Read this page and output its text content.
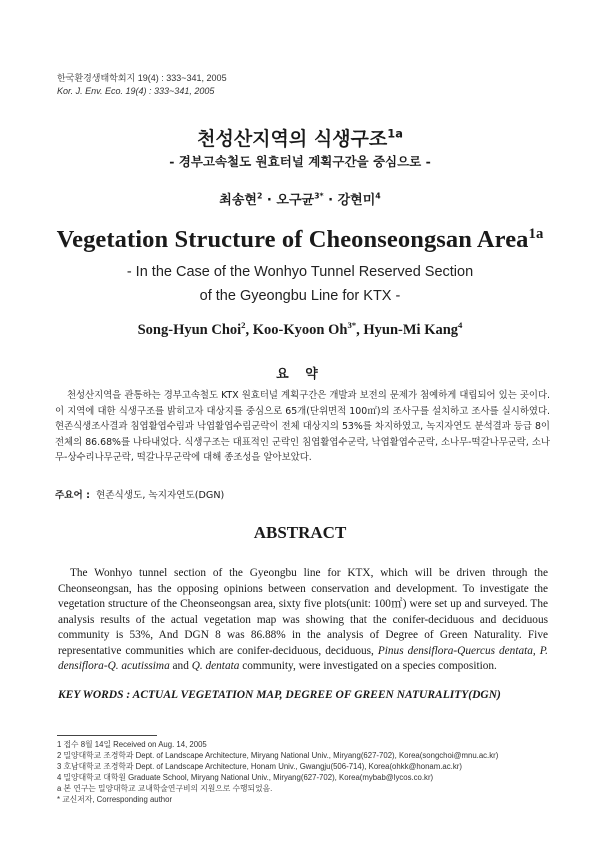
한국환경생태학회지 19(4) : 333~341, 2005
Kor. J. Env. Eco. 19(4) : 333~341, 2005
천성산지역의 식생구조$^{1a}$
- 경부고속철도 원효터널 계획구간을 중심으로 -
최송현$^2$ · 오구균$^{3*}$ · 강현미$^4$
Vegetation Structure of Cheonseongsan Area$^{1a}$
- In the Case of the Wonhyo Tunnel Reserved Section
of the Gyeongbu Line for KTX -
Song-Hyun Choi$^2$, Koo-Kyoon $Oh^{3*}$, Hyun-Mi Kang$^4$
요 약
천성산지역을 관통하는 경부고속철도 KTX 원효터널 계획구간은 개발과 보전의 문제가 첨예하게 대립되어 있는 곳이다. 이 지역에 대한 식생구조를 밝히고자 대상지를 중심으로 65개(단위면적 100㎡)의 조사구를 설치하고 조사를 실시하였다. 현존식생조사결과 침엽활엽수림과 낙엽활엽수림군락이 전체 대상지의 53%를 차지하였고, 녹지자연도 분석결과 등급 8이 전체의 86.68%를 나타내었다. 식생구조는 대표적인 군락인 침엽활엽수군락, 낙엽활엽수군락, 소나무-떡갈나무군락, 소나무-상수리나무군락, 떡갈나무군락에 대해 종조성을 알아보았다.
주요어 : 현존식생도, 녹지자연도(DGN)
ABSTRACT
The Wonhyo tunnel section of the Gyeongbu line for KTX, which will be driven through the Cheonseongsan, has the opposing opinions between conservation and development. To investigate the vegetation structure of the Cheonseongsan area, sixty five plots(unit: 100㎡) were set up and surveyed. The analysis results of the actual vegetation map was showing that the conifer-deciduous and deciduous community is 53%, And DGN 8 was 86.88% in the analysis of Degree of Green Naturality. Five representative communities which are conifer-deciduous, deciduous, Pinus densiflora-Quercus dentata, P. densiflora-Q. acutissima and Q. dentata community, were investigated on a species composition.
KEY WORDS : ACTUAL VEGETATION MAP, DEGREE OF GREEN NATURALITY(DGN)
1 접수 8월 14일 Received on Aug. 14, 2005
2 밀양대학교 조경학과 Dept. of Landscape Architecture, Miryang National Univ., Miryang(627-702), Korea(songchoi@mnu.ac.kr)
3 호남대학교 조경학과 Dept. of Landscape Architecture, Honam Univ., Gwangju(506-714), Korea(ohkk@honam.ac.kr)
4 밀양대학교 대학원 Graduate School, Miryang National Univ., Miryang(627-702), Korea(mybab@lycos.co.kr)
a 본 연구는 밀양대학교 교내학술연구비의 지원으로 수행되었음.
* 교신저자, Corresponding author
